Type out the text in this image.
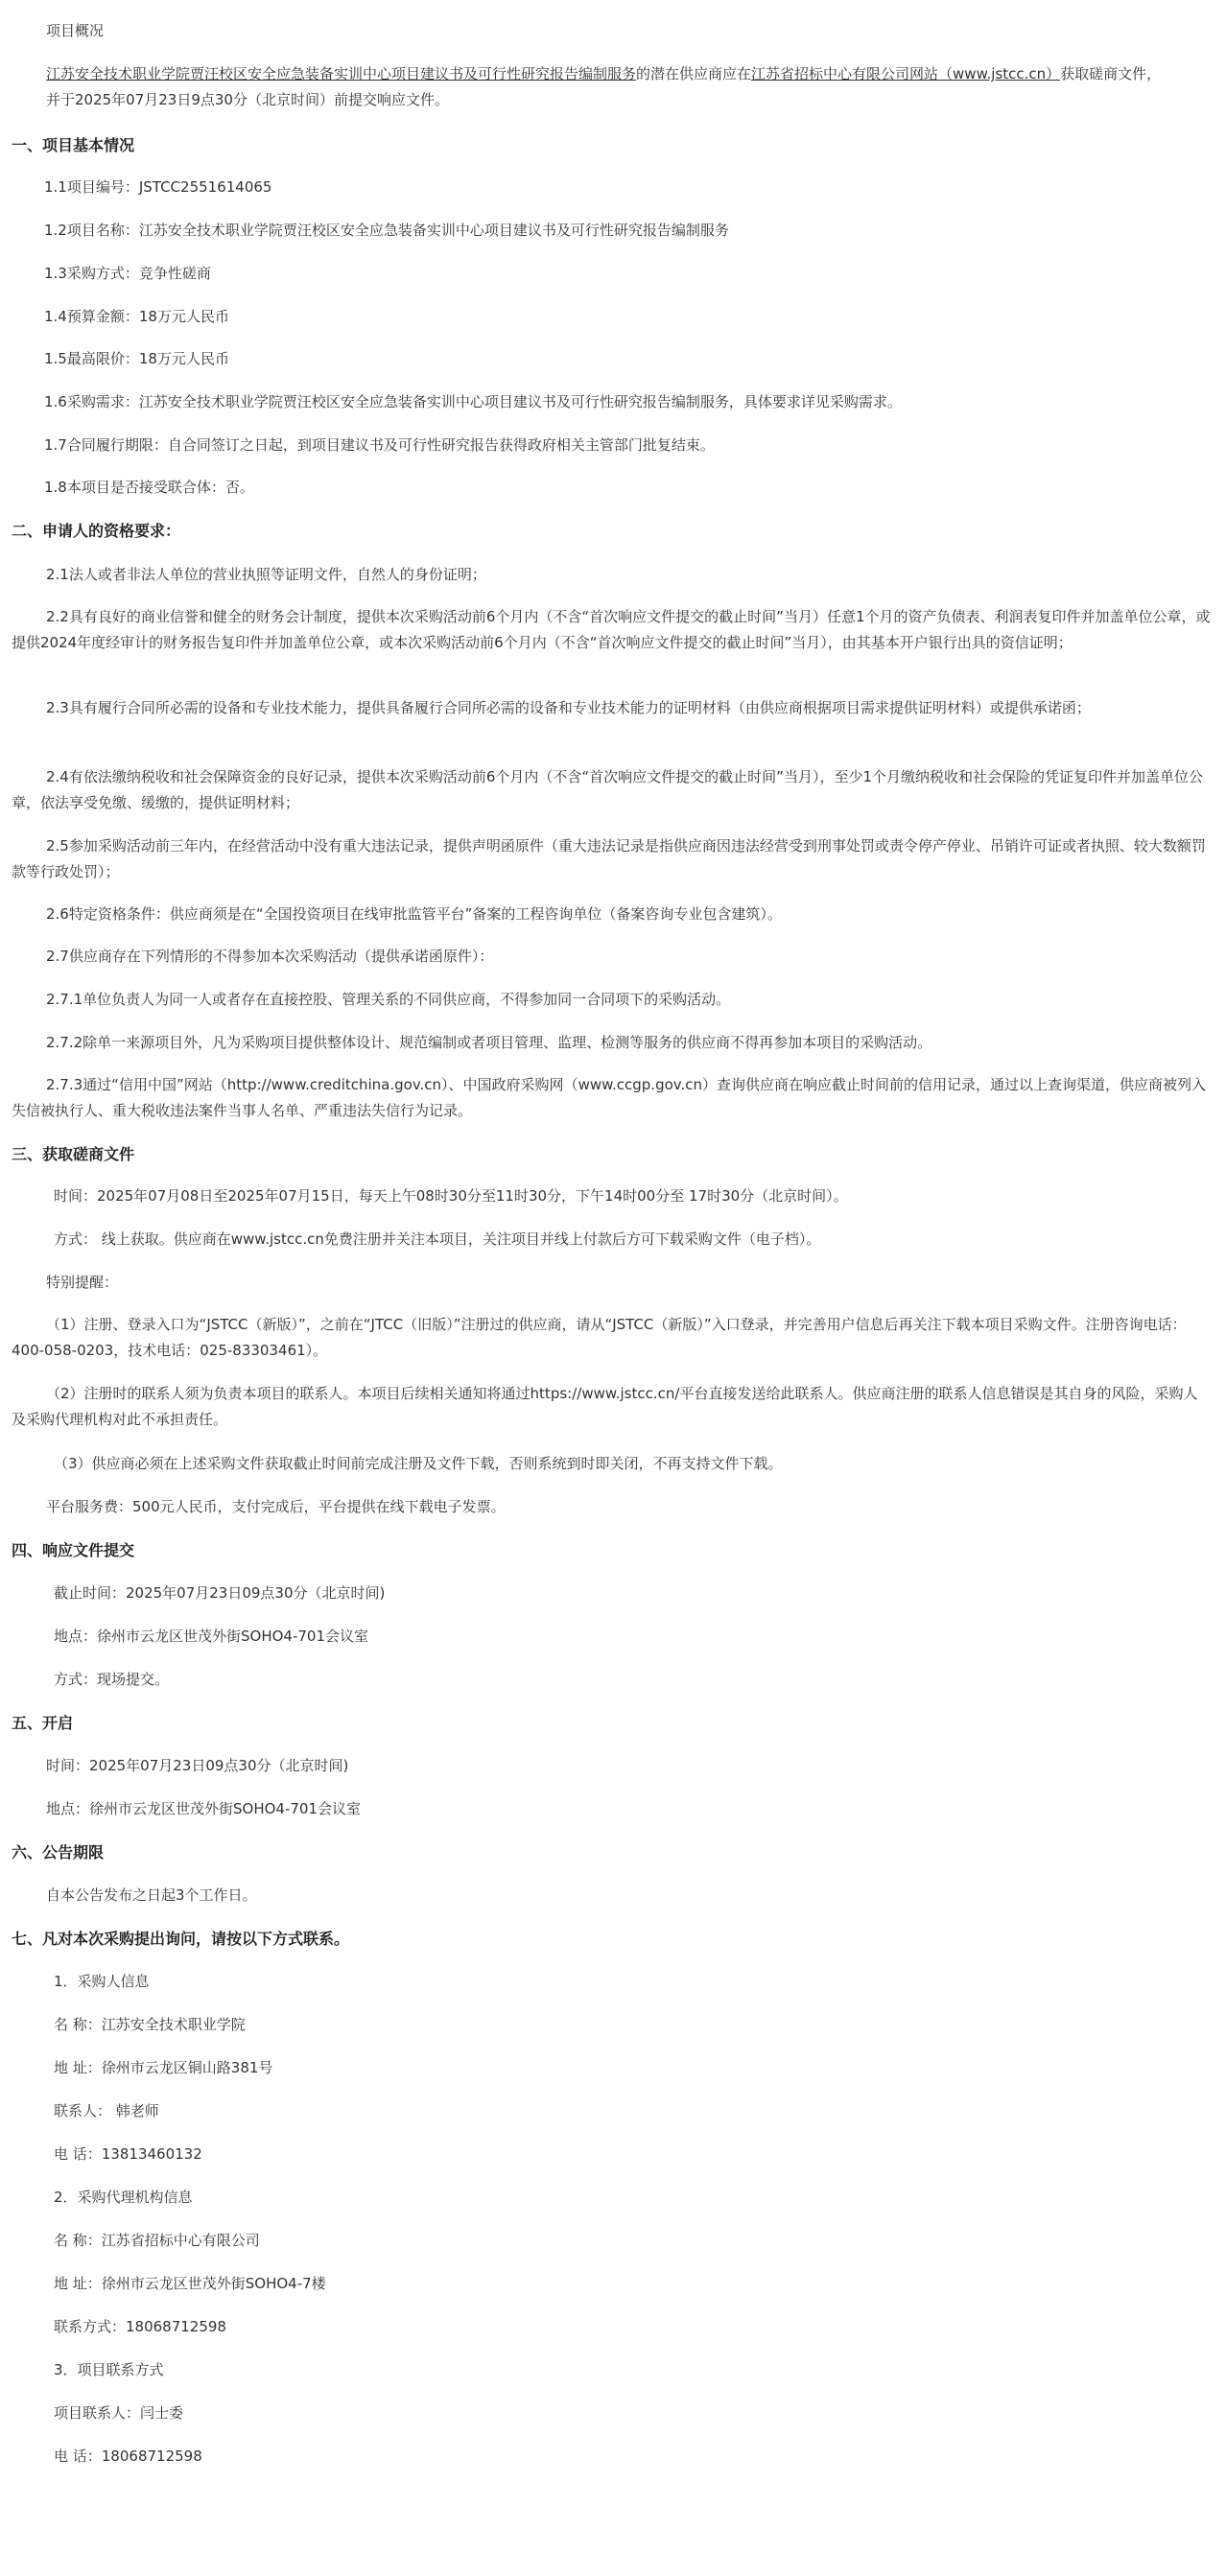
项目概况

江苏安全技术职业学院贾汪校区安全应急装备实训中心项目建议书及可行性研究报告编制服务的潜在供应商应在江苏省招标中心有限公司网站（www.jstcc.cn）获取磋商文件，并于2025年07月23日9点30分（北京时间）前提交响应文件。

一、项目基本情况

1.1项目编号：JSTCC2551614065

1.2项目名称：江苏安全技术职业学院贾汪校区安全应急装备实训中心项目建议书及可行性研究报告编制服务

1.3采购方式：竞争性磋商

1.4预算金额：18万元人民币

1.5最高限价：18万元人民币

1.6采购需求：江苏安全技术职业学院贾汪校区安全应急装备实训中心项目建议书及可行性研究报告编制服务，具体要求详见采购需求。

1.7合同履行期限：自合同签订之日起，到项目建议书及可行性研究报告获得政府相关主管部门批复结束。

1.8本项目是否接受联合体：否。

二、申请人的资格要求：

2.1法人或者非法人单位的营业执照等证明文件，自然人的身份证明；

2.2具有良好的商业信誉和健全的财务会计制度，提供本次采购活动前6个月内（不含“首次响应文件提交的截止时间”当月）任意1个月的资产负债表、利润表复印件并加盖单位公章，或提供2024年度经审计的财务报告复印件并加盖单位公章，或本次采购活动前6个月内（不含“首次响应文件提交的截止时间”当月），由其基本开户银行出具的资信证明；

2.3具有履行合同所必需的设备和专业技术能力，提供具备履行合同所必需的设备和专业技术能力的证明材料（由供应商根据项目需求提供证明材料）或提供承诺函；

2.4有依法缴纳税收和社会保障资金的良好记录，提供本次采购活动前6个月内（不含“首次响应文件提交的截止时间”当月），至少1个月缴纳税收和社会保险的凭证复印件并加盖单位公章，依法享受免缴、缓缴的，提供证明材料；

2.5参加采购活动前三年内，在经营活动中没有重大违法记录，提供声明函原件（重大违法记录是指供应商因违法经营受到刑事处罚或责令停产停业、吊销许可证或者执照、较大数额罚款等行政处罚）；

2.6特定资格条件：供应商须是在“全国投资项目在线审批监管平台”备案的工程咨询单位（备案咨询专业包含建筑）。

2.7供应商存在下列情形的不得参加本次采购活动（提供承诺函原件）：

2.7.1单位负责人为同一人或者存在直接控股、管理关系的不同供应商，不得参加同一合同项下的采购活动。

2.7.2除单一来源项目外，凡为采购项目提供整体设计、规范编制或者项目管理、监理、检测等服务的供应商不得再参加本项目的采购活动。

2.7.3通过“信用中国”网站（http://www.creditchina.gov.cn）、中国政府采购网（www.ccgp.gov.cn）查询供应商在响应截止时间前的信用记录，通过以上查询渠道，供应商被列入失信被执行人、重大税收违法案件当事人名单、严重违法失信行为记录。

三、获取磋商文件

时间：2025年07月08日至2025年07月15日，每天上午08时30分至11时30分，下午14时00分至 17时30分（北京时间）。

方式： 线上获取。供应商在www.jstcc.cn免费注册并关注本项目，关注项目并线上付款后方可下载采购文件（电子档）。

特别提醒：

（1）注册、登录入口为“JSTCC（新版）”，之前在“JTCC（旧版）”注册过的供应商，请从“JSTCC（新版）”入口登录，并完善用户信息后再关注下载本项目采购文件。注册咨询电话：400-058-0203，技术电话：025-83303461）。

（2）注册时的联系人须为负责本项目的联系人。本项目后续相关通知将通过https://www.jstcc.cn/平台直接发送给此联系人。供应商注册的联系人信息错误是其自身的风险，采购人及采购代理机构对此不承担责任。

（3）供应商必须在上述采购文件获取截止时间前完成注册及文件下载，否则系统到时即关闭，不再支持文件下载。

平台服务费：500元人民币，支付完成后，平台提供在线下载电子发票。

四、响应文件提交

截止时间：2025年07月23日09点30分（北京时间)

地点：徐州市云龙区世茂外街SOHO4-701会议室

方式：现场提交。

五、开启

时间：2025年07月23日09点30分（北京时间)

地点：徐州市云龙区世茂外街SOHO4-701会议室

六、公告期限

自本公告发布之日起3个工作日。

七、凡对本次采购提出询问，请按以下方式联系。

1．采购人信息

名 称：江苏安全技术职业学院

地 址：徐州市云龙区铜山路381号

联系人： 韩老师

电 话：13813460132

2．采购代理机构信息

名 称：江苏省招标中心有限公司

地 址：徐州市云龙区世茂外街SOHO4-7楼

联系方式：18068712598

3．项目联系方式

项目联系人：闫士委

电 话：18068712598
